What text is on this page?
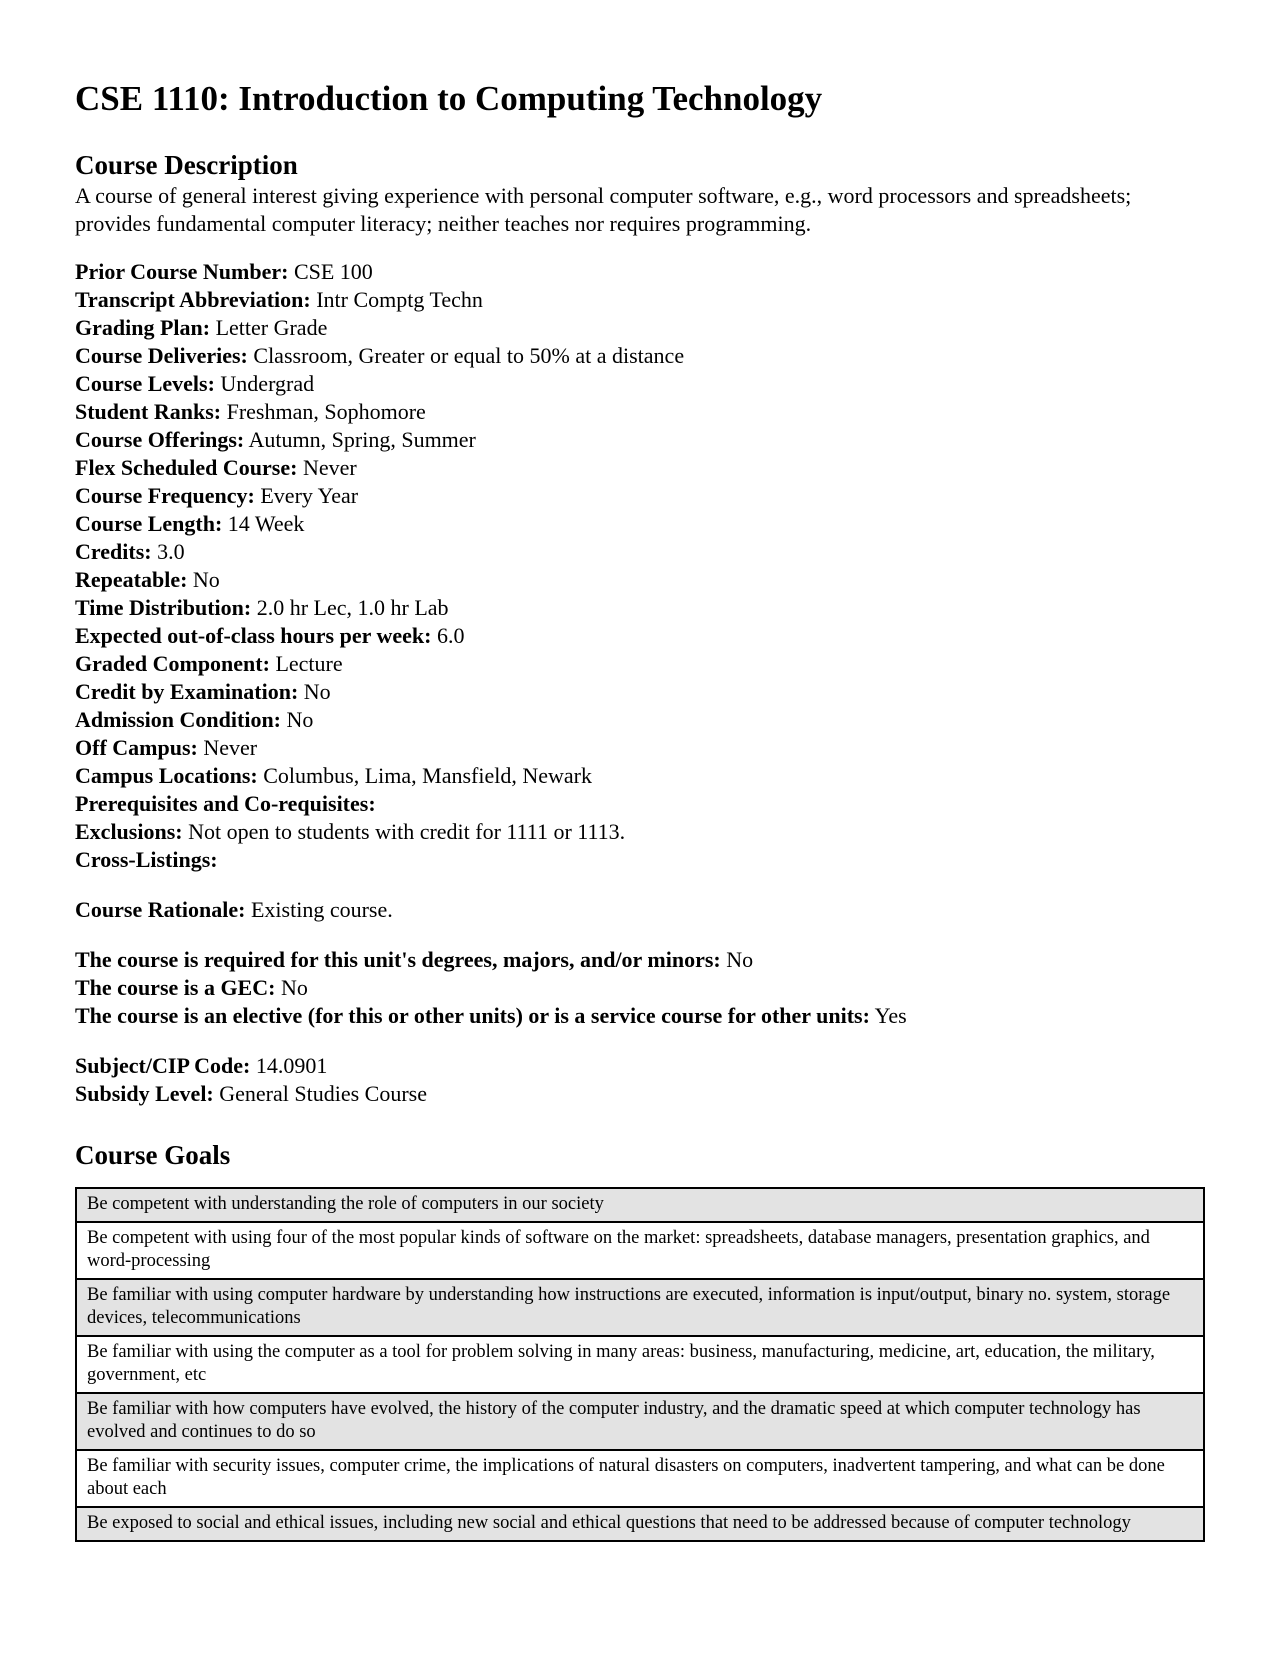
CSE 1110: Introduction to Computing Technology
Course Description

A course of general interest giving experience with personal computer software, e.g., word processors and spreadsheets; provides fundamental computer literacy; neither teaches nor requires programming.

Prior Course Number: CSE 100
Transcript Abbreviation: Intr Comptg Techn
Grading Plan: Letter Grade
Course Deliveries: Classroom, Greater or equal to 50% at a distance
Course Levels: Undergrad
Student Ranks: Freshman, Sophomore
Course Offerings: Autumn, Spring, Summer
Flex Scheduled Course: Never
Course Frequency: Every Year
Course Length: 14 Week
Credits: 3.0
Repeatable: No
Time Distribution: 2.0 hr Lec, 1.0 hr Lab
Expected out-of-class hours per week: 6.0
Graded Component: Lecture
Credit by Examination: No
Admission Condition: No
Off Campus: Never
Campus Locations: Columbus, Lima, Mansfield, Newark
Prerequisites and Co-requisites:
Exclusions: Not open to students with credit for 1111 or 1113.
Cross-Listings:
Course Rationale: Existing course.
The course is required for this unit's degrees, majors, and/or minors: No
The course is a GEC: No
The course is an elective (for this or other units) or is a service course for other units: Yes
Subject/CIP Code: 14.0901
Subsidy Level: General Studies Course
Course Goals
Be competent with understanding the role of computers in our society
Be competent with using four of the most popular kinds of software on the market: spreadsheets, database managers, presentation graphics, and word-processing
Be familiar with using computer hardware by understanding how instructions are executed, information is input/output, binary no. system, storage devices, telecommunications
Be familiar with using the computer as a tool for problem solving in many areas: business, manufacturing, medicine, art, education, the military, government, etc
Be familiar with how computers have evolved, the history of the computer industry, and the dramatic speed at which computer technology has evolved and continues to do so
Be familiar with security issues, computer crime, the implications of natural disasters on computers, inadvertent tampering, and what can be done about each
Be exposed to social and ethical issues, including new social and ethical questions that need to be addressed because of computer technology
